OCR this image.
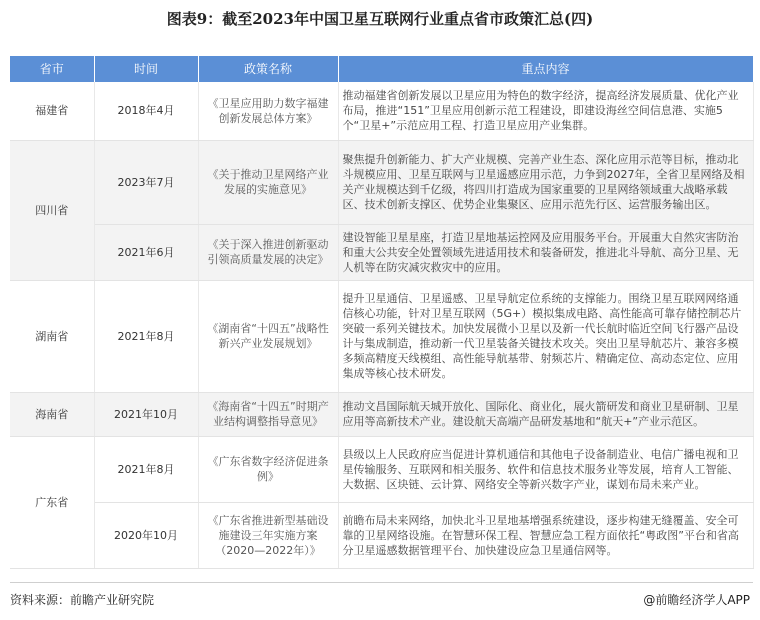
图表9：截至2023年中国卫星互联网行业重点省市政策汇总(四)
省市	时间	政策名称	重点内容
福建省	2018年4月	《卫星应用助力数字福建创新发展总体方案》	推动福建省创新发展以卫星应用为特色的数字经济，提高经济发展质量、优化产业布局，推进“151”卫星应用创新示范工程建设，即建设海丝空间信息港、实施5个“卫星+”示范应用工程、打造卫星应用产业集群。
四川省	2023年7月	《关于推动卫星网络产业发展的实施意见》	聚焦提升创新能力、扩大产业规模、完善产业生态、深化应用示范等目标，推动北斗规模应用、卫星互联网与卫星遥感应用示范，力争到2027年，全省卫星网络及相关产业规模达到千亿级，将四川打造成为国家重要的卫星网络领域重大战略承载区、技术创新支撑区、优势企业集聚区、应用示范先行区、运营服务输出区。
	2021年6月	《关于深入推进创新驱动引领高质量发展的决定》	建设智能卫星星座，打造卫星地基运控网及应用服务平台。开展重大自然灾害防治和重大公共安全处置领域先进适用技术和装备研发，推进北斗导航、高分卫星、无人机等在防灾减灾救灾中的应用。
湖南省	2021年8月	《湖南省“十四五”战略性新兴产业发展规划》	提升卫星通信、卫星遥感、卫星导航定位系统的支撑能力。围绕卫星互联网网络通信核心功能，针对卫星互联网（5G+）模拟集成电路、高性能高可靠存储控制芯片突破一系列关键技术。加快发展微小卫星以及新一代长航时临近空间飞行器产品设计与集成制造，推动新一代卫星装备关键技术攻关。突出卫星导航芯片、兼容多模多频高精度天线模组、高性能导航基带、射频芯片、精确定位、高动态定位、应用集成等核心技术研发。
海南省	2021年10月	《海南省“十四五”时期产业结构调整指导意见》	推动文昌国际航天城开放化、国际化、商业化，展火箭研发和商业卫星研制、卫星应用等高新技术产业。建设航天高端产品研发基地和“航天+”产业示范区。
广东省	2021年8月	《广东省数字经济促进条例》	县级以上人民政府应当促进计算机通信和其他电子设备制造业、电信广播电视和卫星传输服务、互联网和相关服务、软件和信息技术服务业等发展，培育人工智能、大数据、区块链、云计算、网络安全等新兴数字产业，谋划布局未来产业。
	2020年10月	《广东省推进新型基础设施建设三年实施方案（2020—2022年）》	前瞻布局未来网络，加快北斗卫星地基增强系统建设，逐步构建无缝覆盖、安全可靠的卫星网络设施。在智慧环保工程、智慧应急工程方面依托“粤政图”平台和省高分卫星遥感数据管理平台、加快建设应急卫星通信网等。
资料来源：前瞻产业研究院	@前瞻经济学人APP
